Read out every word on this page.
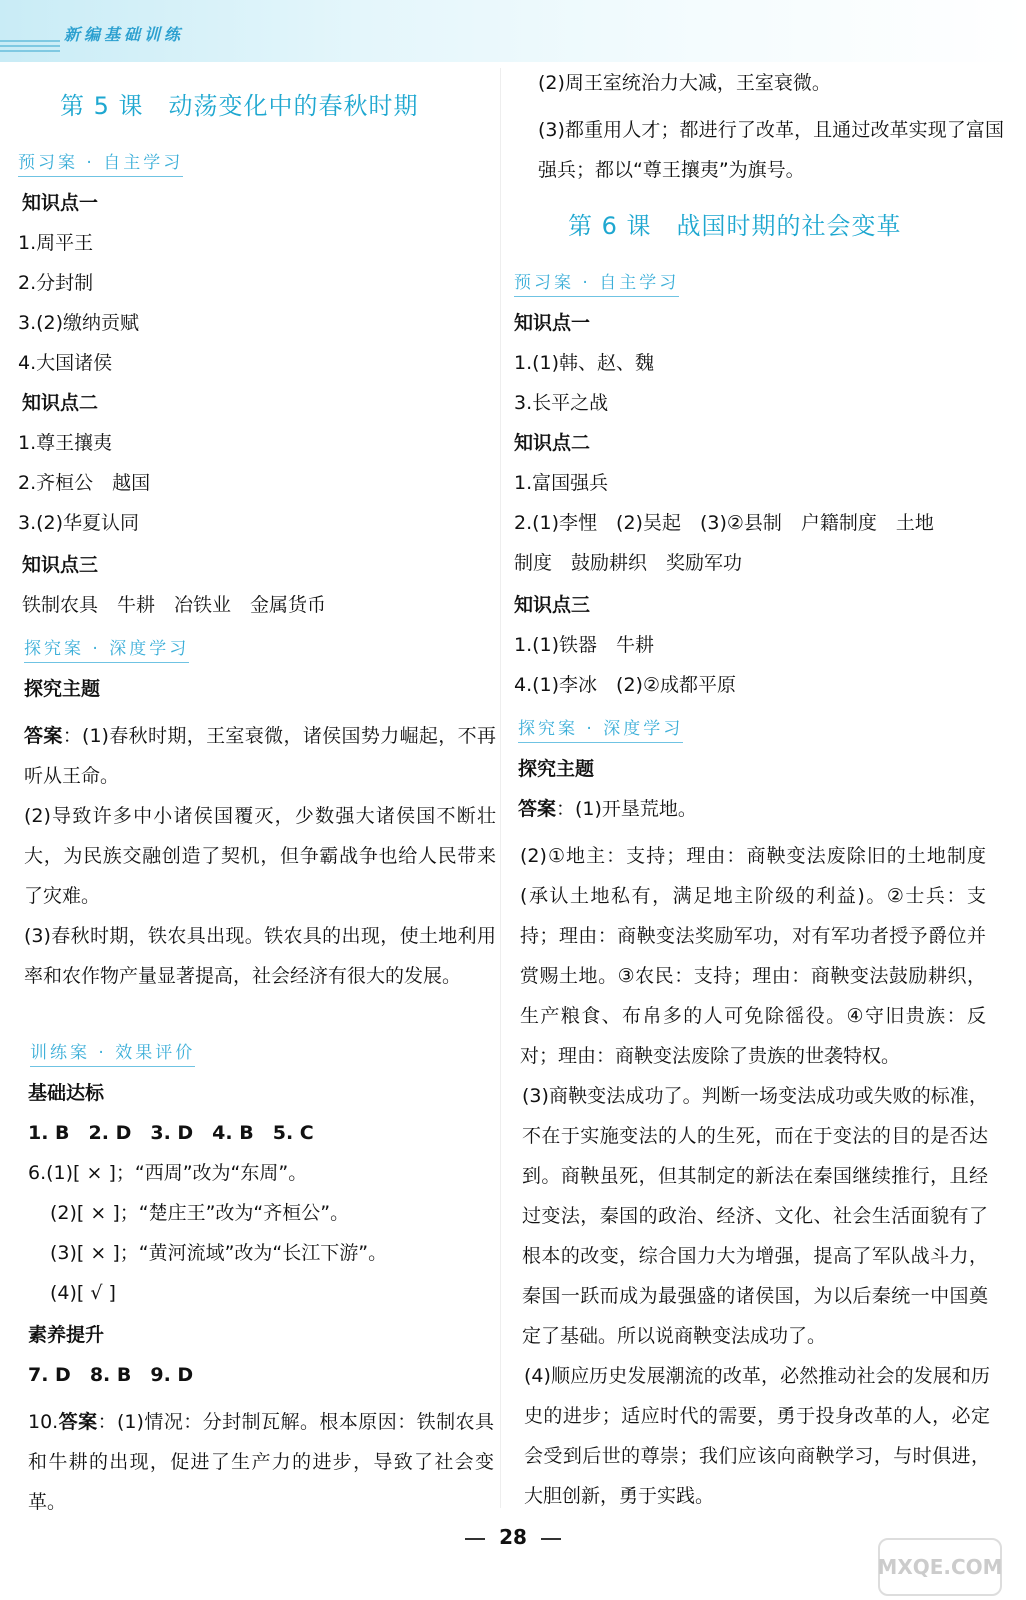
新编基础训练
第 5 课　动荡变化中的春秋时期
预习案 · 自主学习
知识点一
1.周平王
2.分封制
3.(2)缴纳贡赋
4.大国诸侯
知识点二
1.尊王攘夷
2.齐桓公　越国
3.(2)华夏认同
知识点三
铁制农具　牛耕　冶铁业　金属货币
探究案 · 深度学习
探究主题
答案：(1)春秋时期，王室衰微，诸侯国势力崛起，不再听从王命。
(2)导致许多中小诸侯国覆灭，少数强大诸侯国不断壮大，为民族交融创造了契机，但争霸战争也给人民带来了灾难。
(3)春秋时期，铁农具出现。铁农具的出现，使土地利用率和农作物产量显著提高，社会经济有很大的发展。
训练案 · 效果评价
基础达标
1. B　2. D　3. D　4. B　5. C
6.(1)[ × ]；“西周”改为“东周”。
(2)[ × ]；“楚庄王”改为“齐桓公”。
(3)[ × ]；“黄河流域”改为“长江下游”。
(4)[ √ ]
素养提升
7. D　8. B　9. D
10.答案：(1)情况：分封制瓦解。根本原因：铁制农具和牛耕的出现，促进了生产力的进步，导致了社会变革。
(2)周王室统治力大减，王室衰微。
(3)都重用人才；都进行了改革，且通过改革实现了富国强兵；都以“尊王攘夷”为旗号。
第 6 课　战国时期的社会变革
预习案 · 自主学习
知识点一
1.(1)韩、赵、魏
3.长平之战
知识点二
1.富国强兵
2.(1)李悝　(2)吴起　(3)②县制　户籍制度　土地
制度　鼓励耕织　奖励军功
知识点三
1.(1)铁器　牛耕
4.(1)李冰　(2)②成都平原
探究案 · 深度学习
探究主题
答案：(1)开垦荒地。
(2)①地主：支持；理由：商鞅变法废除旧的土地制度(承认土地私有，满足地主阶级的利益)。②士兵：支持；理由：商鞅变法奖励军功，对有军功者授予爵位并赏赐土地。③农民：支持；理由：商鞅变法鼓励耕织，生产粮食、布帛多的人可免除徭役。④守旧贵族：反对；理由：商鞅变法废除了贵族的世袭特权。
(3)商鞅变法成功了。判断一场变法成功或失败的标准，不在于实施变法的人的生死，而在于变法的目的是否达到。商鞅虽死，但其制定的新法在秦国继续推行，且经过变法，秦国的政治、经济、文化、社会生活面貌有了根本的改变，综合国力大为增强，提高了军队战斗力，秦国一跃而成为最强盛的诸侯国，为以后秦统一中国奠定了基础。所以说商鞅变法成功了。
(4)顺应历史发展潮流的改革，必然推动社会的发展和历史的进步；适应时代的需要，勇于投身改革的人，必定会受到后世的尊崇；我们应该向商鞅学习，与时俱进，大胆创新，勇于实践。
28
MXQE.COM
